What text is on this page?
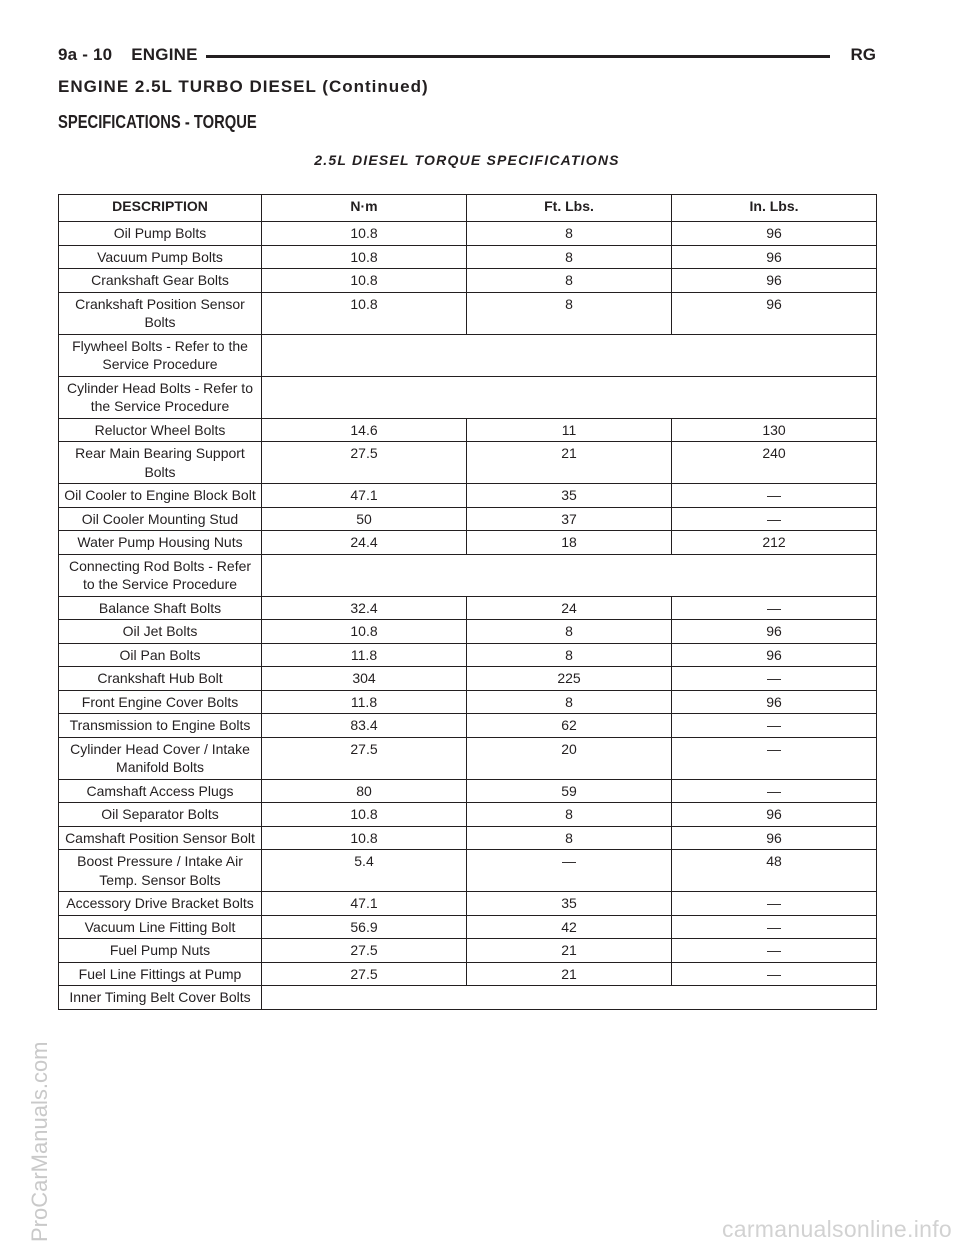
9a - 10 ENGINE	RG
ENGINE 2.5L TURBO DIESEL (Continued)
SPECIFICATIONS - TORQUE
2.5L DIESEL TORQUE SPECIFICATIONS
DESCRIPTION	N·m	Ft. Lbs.	In. Lbs.
Oil Pump Bolts	10.8	8	96
Vacuum Pump Bolts	10.8	8	96
Crankshaft Gear Bolts	10.8	8	96
Crankshaft Position Sensor Bolts	10.8	8	96
Flywheel Bolts - Refer to the Service Procedure			
Cylinder Head Bolts - Refer to the Service Procedure			
Reluctor Wheel Bolts	14.6	11	130
Rear Main Bearing Support Bolts	27.5	21	240
Oil Cooler to Engine Block Bolt	47.1	35	—
Oil Cooler Mounting Stud	50	37	—
Water Pump Housing Nuts	24.4	18	212
Connecting Rod Bolts - Refer to the Service Procedure			
Balance Shaft Bolts	32.4	24	—
Oil Jet Bolts	10.8	8	96
Oil Pan Bolts	11.8	8	96
Crankshaft Hub Bolt	304	225	—
Front Engine Cover Bolts	11.8	8	96
Transmission to Engine Bolts	83.4	62	—
Cylinder Head Cover / Intake Manifold Bolts	27.5	20	—
Camshaft Access Plugs	80	59	—
Oil Separator Bolts	10.8	8	96
Camshaft Position Sensor Bolt	10.8	8	96
Boost Pressure / Intake Air Temp. Sensor Bolts	5.4	—	48
Accessory Drive Bracket Bolts	47.1	35	—
Vacuum Line Fitting Bolt	56.9	42	—
Fuel Pump Nuts	27.5	21	—
Fuel Line Fittings at Pump	27.5	21	—
Inner Timing Belt Cover Bolts			
ProCarManuals.com	carmanualsonline.info
